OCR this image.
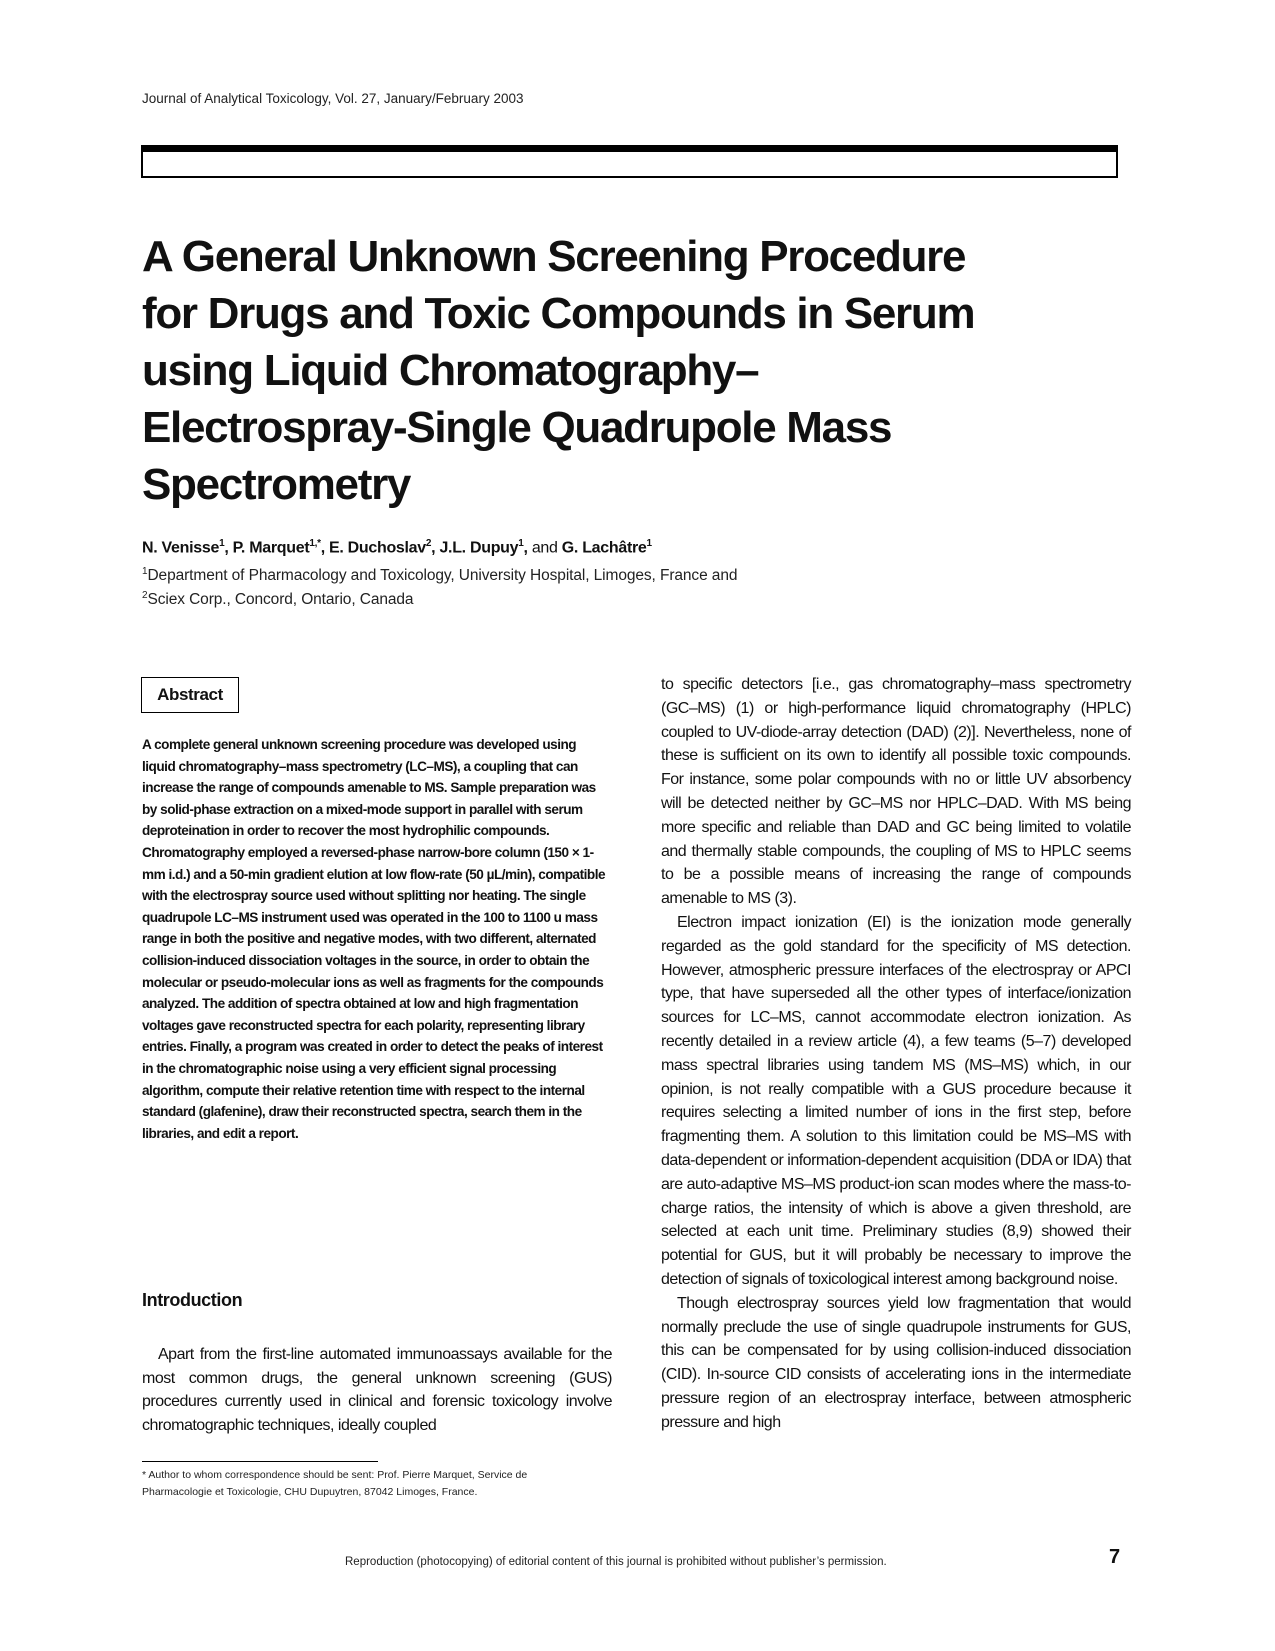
Journal of Analytical Toxicology, Vol. 27, January/February 2003
A General Unknown Screening Procedure for Drugs and Toxic Compounds in Serum using Liquid Chromatography–Electrospray-Single Quadrupole Mass Spectrometry
N. Venisse$^1$, P. Marquet$^{1,*}$, E. Duchoslav$^2$, J.L. Dupuy$^1$, and G. Lachâtre$^1$
$^1$Department of Pharmacology and Toxicology, University Hospital, Limoges, France and
$^2$Sciex Corp., Concord, Ontario, Canada
Abstract

A complete general unknown screening procedure was developed using liquid chromatography–mass spectrometry (LC–MS), a coupling that can increase the range of compounds amenable to MS. Sample preparation was by solid-phase extraction on a mixed-mode support in parallel with serum deproteination in order to recover the most hydrophilic compounds. Chromatography employed a reversed-phase narrow-bore column (150 × 1-mm i.d.) and a 50-min gradient elution at low flow-rate (50 µL/min), compatible with the electrospray source used without splitting nor heating. The single quadrupole LC–MS instrument used was operated in the 100 to 1100 u mass range in both the positive and negative modes, with two different, alternated collision-induced dissociation voltages in the source, in order to obtain the molecular or pseudo-molecular ions as well as fragments for the compounds analyzed. The addition of spectra obtained at low and high fragmentation voltages gave reconstructed spectra for each polarity, representing library entries. Finally, a program was created in order to detect the peaks of interest in the chromatographic noise using a very efficient signal processing algorithm, compute their relative retention time with respect to the internal standard (glafenine), draw their reconstructed spectra, search them in the libraries, and edit a report.

Introduction

Apart from the first-line automated immunoassays available for the most common drugs, the general unknown screening (GUS) procedures currently used in clinical and forensic toxicology involve chromatographic techniques, ideally coupled

* Author to whom correspondence should be sent: Prof. Pierre Marquet, Service de Pharmacologie et Toxicologie, CHU Dupuytren, 87042 Limoges, France.

to specific detectors [i.e., gas chromatography–mass spectrometry (GC–MS) (1) or high-performance liquid chromatography (HPLC) coupled to UV-diode-array detection (DAD) (2)]. Nevertheless, none of these is sufficient on its own to identify all possible toxic compounds. For instance, some polar compounds with no or little UV absorbency will be detected neither by GC–MS nor HPLC–DAD. With MS being more specific and reliable than DAD and GC being limited to volatile and thermally stable compounds, the coupling of MS to HPLC seems to be a possible means of increasing the range of compounds amenable to MS (3).

Electron impact ionization (EI) is the ionization mode generally regarded as the gold standard for the specificity of MS detection. However, atmospheric pressure interfaces of the electrospray or APCI type, that have superseded all the other types of interface/ionization sources for LC–MS, cannot accommodate electron ionization. As recently detailed in a review article (4), a few teams (5–7) developed mass spectral libraries using tandem MS (MS–MS) which, in our opinion, is not really compatible with a GUS procedure because it requires selecting a limited number of ions in the first step, before fragmenting them. A solution to this limitation could be MS–MS with data-dependent or information-dependent acquisition (DDA or IDA) that are auto-adaptive MS–MS product-ion scan modes where the mass-to-charge ratios, the intensity of which is above a given threshold, are selected at each unit time. Preliminary studies (8,9) showed their potential for GUS, but it will probably be necessary to improve the detection of signals of toxicological interest among background noise.

Though electrospray sources yield low fragmentation that would normally preclude the use of single quadrupole instruments for GUS, this can be compensated for by using collision-induced dissociation (CID). In-source CID consists of accelerating ions in the intermediate pressure region of an electrospray interface, between atmospheric pressure and high

Reproduction (photocopying) of editorial content of this journal is prohibited without publisher’s permission.	7
